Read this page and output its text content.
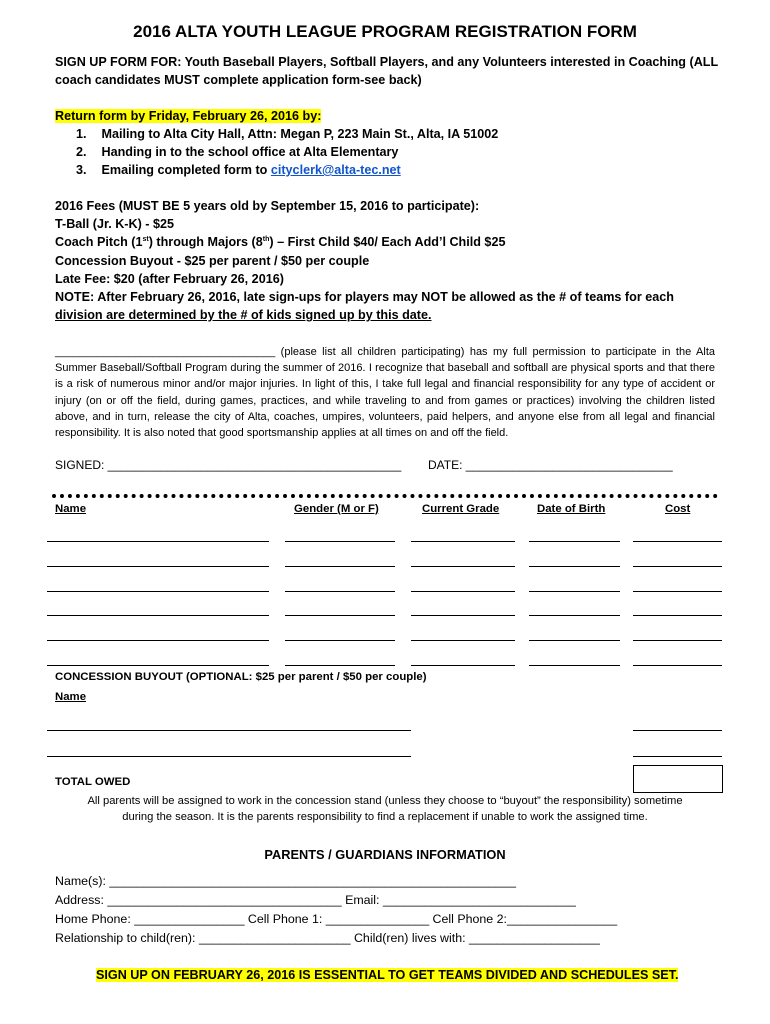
2016 ALTA YOUTH LEAGUE PROGRAM REGISTRATION FORM
SIGN UP FORM FOR: Youth Baseball Players, Softball Players, and any Volunteers interested in Coaching (ALL
coach candidates MUST complete application form-see back)
Return form by Friday, February 26, 2016 by:
1. Mailing to Alta City Hall, Attn: Megan P, 223 Main St., Alta, IA 51002
2. Handing in to the school office at Alta Elementary
3. Emailing completed form to cityclerk@alta-tec.net
2016 Fees (MUST BE 5 years old by September 15, 2016 to participate):
T-Ball (Jr. K-K) - $25
Coach Pitch (1st) through Majors (8th) – First Child $40/ Each Add’l Child $25
Concession Buyout - $25 per parent / $50 per couple
Late Fee: $20 (after February 26, 2016)
NOTE: After February 26, 2016, late sign-ups for players may NOT be allowed as the # of teams for each
division are determined by the # of kids signed up by this date.
____________________________________ (please list all children participating) has my full permission to participate in the Alta Summer Baseball/Softball Program during the summer of 2016. I recognize that baseball and softball are physical sports and that there is a risk of numerous minor and/or major injuries. In light of this, I take full legal and financial responsibility for any type of accident or injury (on or off the field, during games, practices, and while traveling to and from games or practices) involving the children listed above, and in turn, release the city of Alta, coaches, umpires, volunteers, paid helpers, and anyone else from all legal and financial responsibility. It is also noted that good sportsmanship applies at all times on and off the field.
SIGNED: ____________________________________________ DATE: _______________________________
Name	Gender (M or F)	Current Grade	Date of Birth	Cost
CONCESSION BUYOUT (OPTIONAL: $25 per parent / $50 per couple)
Name
TOTAL OWED
All parents will be assigned to work in the concession stand (unless they choose to “buyout” the responsibility) sometime
during the season. It is the parents responsibility to find a replacement if unable to work the assigned time.
PARENTS / GUARDIANS INFORMATION
Name(s): ___________________________________________________________
Address: __________________________________ Email: ____________________________
Home Phone: ________________ Cell Phone 1: _______________ Cell Phone 2:________________
Relationship to child(ren): ______________________ Child(ren) lives with: ___________________
SIGN UP ON FEBRUARY 26, 2016 IS ESSENTIAL TO GET TEAMS DIVIDED AND SCHEDULES SET.
